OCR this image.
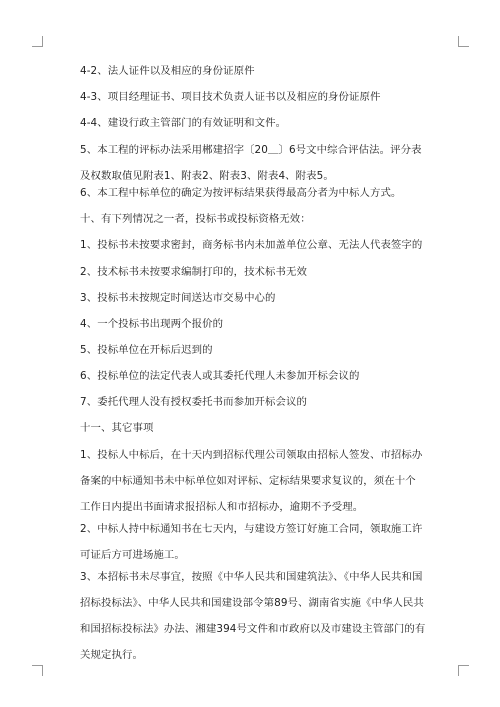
4-2、法人证件以及相应的身份证原件

4-3、项目经理证书、项目技术负责人证书以及相应的身份证原件

4-4、建设行政主管部门的有效证明和文件。

5、本工程的评标办法采用郴建招字〔20＿〕6号文中综合评估法。评分表及权数取值见附表1、附表2、附表3、附表4、附表5。

6、本工程中标单位的确定为按评标结果获得最高分者为中标人方式。

十、有下列情况之一者，投标书或投标资格无效：

1、投标书未按要求密封，商务标书内未加盖单位公章、无法人代表签字的

2、技术标书未按要求编制打印的，技术标书无效

3、投标书未按规定时间送达市交易中心的

4、一个投标书出现两个报价的

5、投标单位在开标后迟到的

6、投标单位的法定代表人或其委托代理人未参加开标会议的

7、委托代理人没有授权委托书而参加开标会议的

十一、其它事项

1、投标人中标后，在十天内到招标代理公司领取由招标人签发、市招标办备案的中标通知书未中标单位如对评标、定标结果要求复议的，须在十个工作日内提出书面请求报招标人和市招标办，逾期不予受理。

2、中标人持中标通知书在七天内，与建设方签订好施工合同，领取施工许可证后方可进场施工。

3、本招标书未尽事宜，按照《中华人民共和国建筑法》、《中华人民共和国招标投标法》、中华人民共和国建设部令第89号、湖南省实施《中华人民共和国招标投标法》办法、湘建394号文件和市政府以及市建设主管部门的有关规定执行。
